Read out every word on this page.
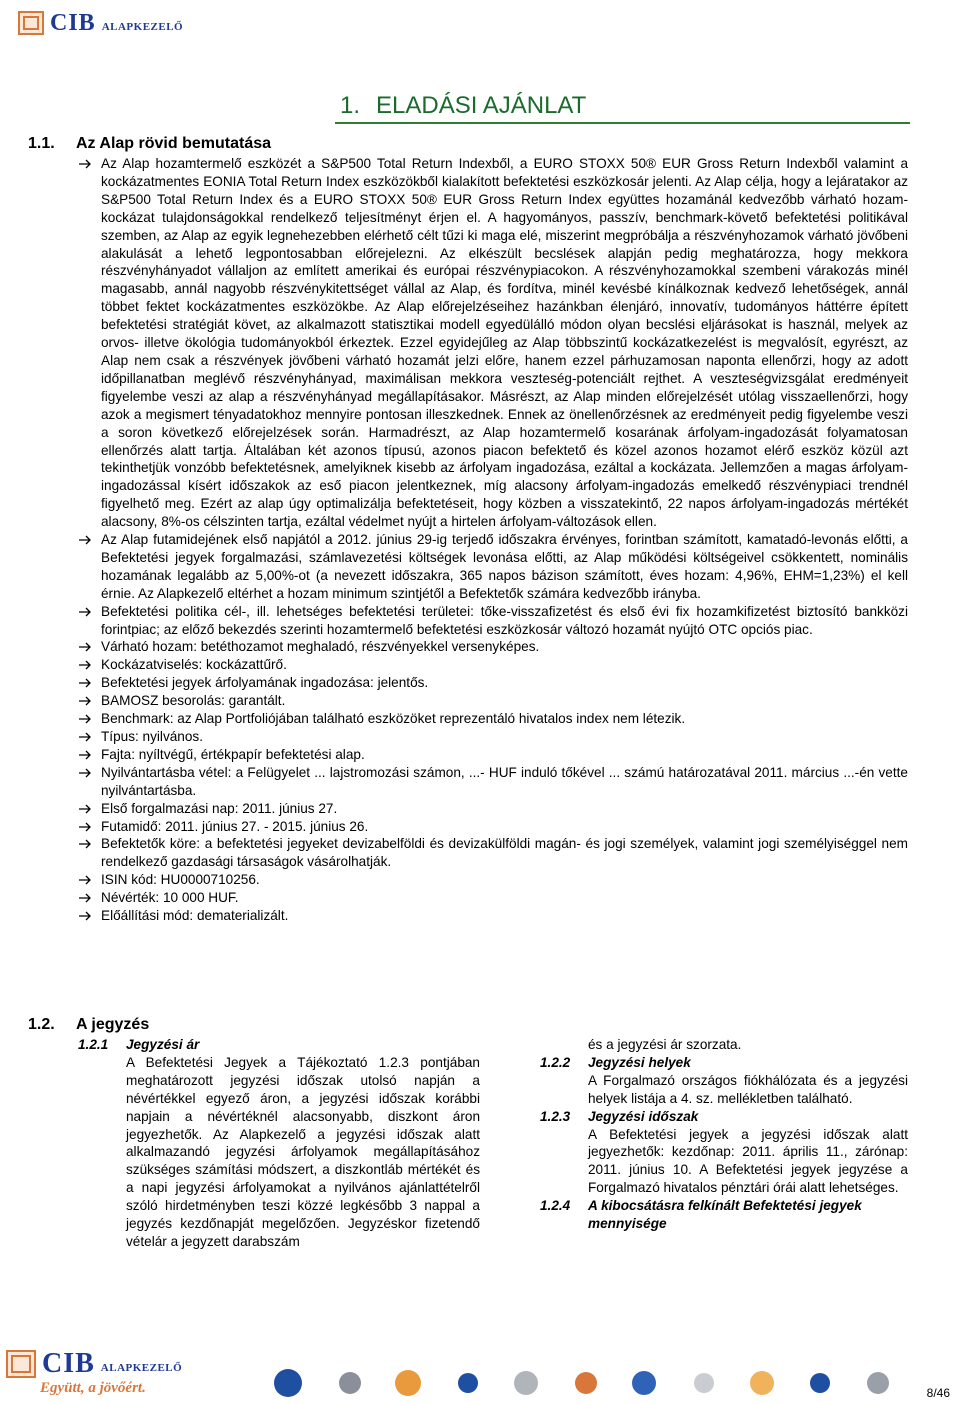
CIB ALAPKEZELŐ
1. ELADÁSI AJÁNLAT
1.1. Az Alap rövid bemutatása
Az Alap hozamtermelő eszközét a S&P500 Total Return Indexből, a EURO STOXX 50® EUR Gross Return Indexből valamint a kockázatmentes EONIA Total Return Index eszközökből kialakított befektetési eszközkosár jelenti. Az Alap célja, hogy a lejáratakor az S&P500 Total Return Index és a EURO STOXX 50® EUR Gross Return Index együttes hozamánál kedvezőbb várható hozam-kockázat tulajdonságokkal rendelkező teljesítményt érjen el. A hagyományos, passzív, benchmark-követő befektetési politikával szemben, az Alap az egyik legnehezebben elérhető célt tűzi ki maga elé, miszerint megpróbálja a részvényhozamok várható jövőbeni alakulását a lehető legpontosabban előrejelezni. Az elkészült becslések alapján pedig meghatározza, hogy mekkora részvényhányadot vállaljon az említett amerikai és európai részvénypiacokon. A részvényhozamokkal szembeni várakozás minél magasabb, annál nagyobb részvénykitettséget vállal az Alap, és fordítva, minél kevésbé kínálkoznak kedvező lehetőségek, annál többet fektet kockázatmentes eszközökbe. Az Alap előrejelzéseihez hazánkban élenjáró, innovatív, tudományos háttérre épített befektetési stratégiát követ, az alkalmazott statisztikai modell egyedülálló módon olyan becslési eljárásokat is használ, melyek az orvos- illetve ökológia tudományokból érkeztek. Ezzel egyidejűleg az Alap többszintű kockázatkezelést is megvalósít, egyrészt, az Alap nem csak a részvények jövőbeni várható hozamát jelzi előre, hanem ezzel párhuzamosan naponta ellenőrzi, hogy az adott időpillanatban meglévő részvényhányad, maximálisan mekkora veszteség-potenciált rejthet. A veszteségvizsgálat eredményeit figyelembe veszi az alap a részvényhányad megállapításakor. Másrészt, az Alap minden előrejelzését utólag visszaellenőrzi, hogy azok a megismert tényadatokhoz mennyire pontosan illeszkednek. Ennek az önellenőrzésnek az eredményeit pedig figyelembe veszi a soron következő előrejelzések során. Harmadrészt, az Alap hozamtermelő kosarának árfolyam-ingadozását folyamatosan ellenőrzés alatt tartja. Általában két azonos típusú, azonos piacon befektető és közel azonos hozamot elérő eszköz közül azt tekinthetjük vonzóbb befektetésnek, amelyiknek kisebb az árfolyam ingadozása, ezáltal a kockázata. Jellemzően a magas árfolyam-ingadozással kísért időszakok az eső piacon jelentkeznek, míg alacsony árfolyam-ingadozás emelkedő részvénypiaci trendnél figyelhető meg. Ezért az alap úgy optimalizálja befektetéseit, hogy közben a visszatekintő, 22 napos árfolyam-ingadozás mértékét alacsony, 8%-os célszinten tartja, ezáltal védelmet nyújt a hirtelen árfolyam-változások ellen.
Az Alap futamidejének első napjától a 2012. június 29-ig terjedő időszakra érvényes, forintban számított, kamatadó-levonás előtti, a Befektetési jegyek forgalmazási, számlavezetési költségek levonása előtti, az Alap működési költségeivel csökkentett, nominális hozamának legalább az 5,00%-ot (a nevezett időszakra, 365 napos bázison számított, éves hozam: 4,96%, EHM=1,23%) el kell érnie. Az Alapkezelő eltérhet a hozam minimum szintjétől a Befektetők számára kedvezőbb irányba.
Befektetési politika cél-, ill. lehetséges befektetési területei: tőke-visszafizetést és első évi fix hozamkifizetést biztosító bankközi forintpiac; az előző bekezdés szerinti hozamtermelő befektetési eszközkosár változó hozamát nyújtó OTC opciós piac.
Várható hozam: betéthozamot meghaladó, részvényekkel versenyképes.
Kockázatviselés: kockázattűrő.
Befektetési jegyek árfolyamának ingadozása: jelentős.
BAMOSZ besorolás: garantált.
Benchmark: az Alap Portfoliójában található eszközöket reprezentáló hivatalos index nem létezik.
Típus: nyilvános.
Fajta: nyíltvégű, értékpapír befektetési alap.
Nyilvántartásba vétel: a Felügyelet ... lajstromozási számon, ...- HUF induló tőkével ... számú határozatával 2011. március ...-én vette nyilvántartásba.
Első forgalmazási nap: 2011. június 27.
Futamidő: 2011. június 27. - 2015. június 26.
Befektetők köre: a befektetési jegyeket devizabelföldi és devizakülföldi magán- és jogi személyek, valamint jogi személyiséggel nem rendelkező gazdasági társaságok vásárolhatják.
ISIN kód: HU0000710256.
Névérték: 10 000 HUF.
Előállítási mód: dematerializált.
1.2. A jegyzés
1.2.1 Jegyzési ár
A Befektetési Jegyek a Tájékoztató 1.2.3 pontjában meghatározott jegyzési időszak utolsó napján a névértékkel egyező áron, a jegyzési időszak korábbi napjain a névértéknél alacsonyabb, diszkont áron jegyezhetők. Az Alapkezelő a jegyzési időszak alatt alkalmazandó jegyzési árfolyamok megállapításához szükséges számítási módszert, a diszkontláb mértékét és a napi jegyzési árfolyamokat a nyilvános ajánlattételről szóló hirdetményben teszi közzé legkésőbb 3 nappal a jegyzés kezdőnapját megelőzően. Jegyzéskor fizetendő vételár a jegyzett darabszám
és a jegyzési ár szorzata.
1.2.2 Jegyzési helyek
A Forgalmazó országos fiókhálózata és a jegyzési helyek listája a 4. sz. mellékletben található.
1.2.3 Jegyzési időszak
A Befektetési jegyek a jegyzési időszak alatt jegyezhetők: kezdőnap: 2011. április 11., zárónap: 2011. június 10. A Befektetési jegyek jegyzése a Forgalmazó hivatalos pénztári órái alatt lehetséges.
1.2.4	A kibocsátásra felkínált Befektetési jegyek mennyisége
CIB ALAPKEZELŐ
Együtt, a jövőért.	8/46
